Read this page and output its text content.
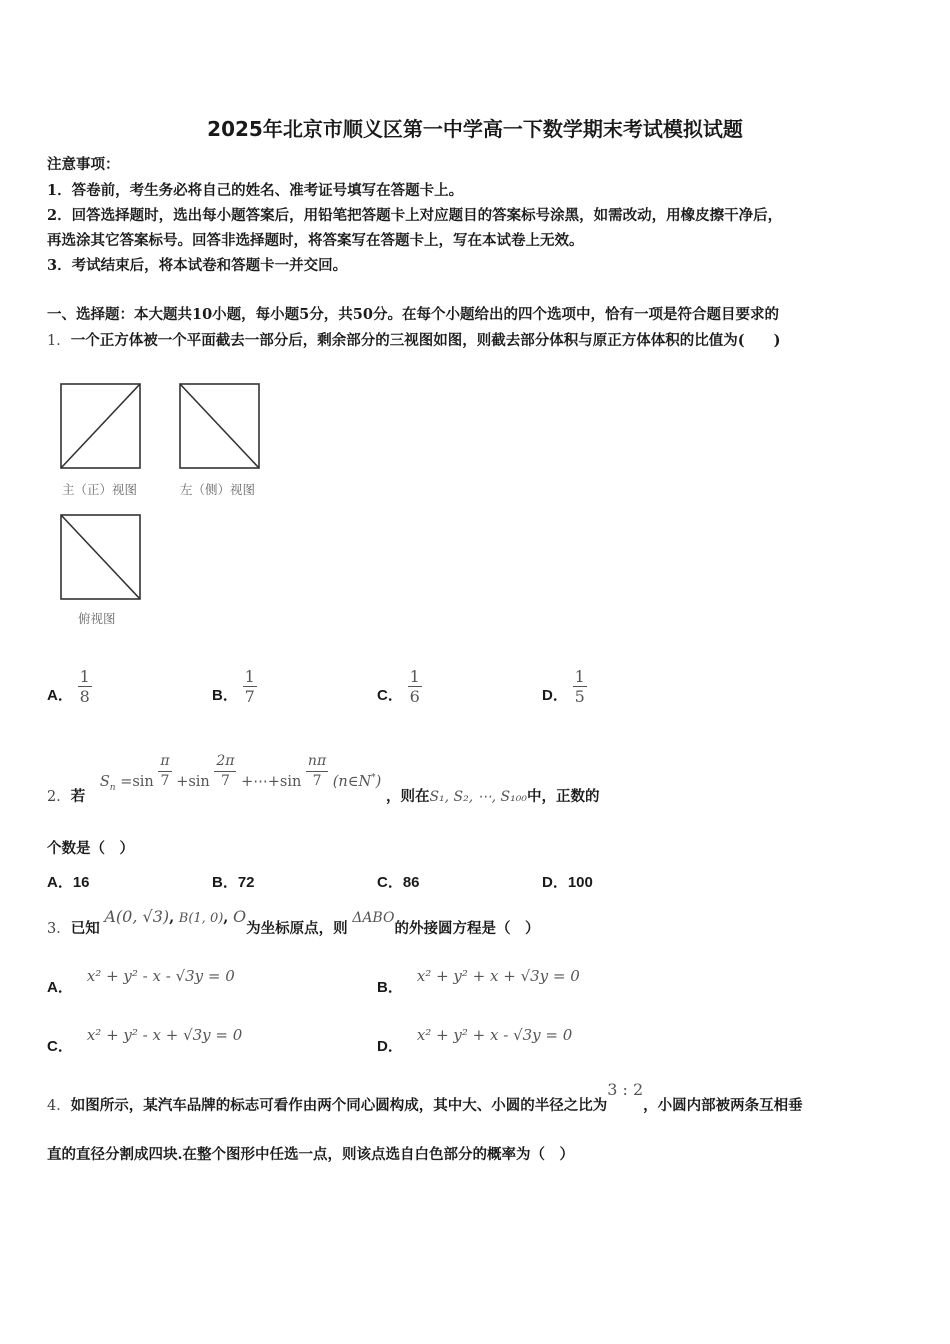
2025年北京市顺义区第一中学高一下数学期末考试模拟试题
注意事项：
1．答卷前，考生务必将自己的姓名、准考证号填写在答题卡上。
2．回答选择题时，选出每小题答案后，用铅笔把答题卡上对应题目的答案标号涂黑，如需改动，用橡皮擦干净后，
再选涂其它答案标号。回答非选择题时，将答案写在答题卡上，写在本试卷上无效。
3．考试结束后，将本试卷和答题卡一并交回。
一、选择题：本大题共10小题，每小题5分，共50分。在每个小题给出的四个选项中，恰有一项是符合题目要求的
1．一个正方体被一个平面截去一部分后，剩余部分的三视图如图，则截去部分体积与原正方体体积的比值为(　　)
主（正）视图	左（侧）视图
俯视图
A． $\frac{1}{8}$	B． $\frac{1}{7}$	C． $\frac{1}{6}$	D． $\frac{1}{5}$
2．若 $S_n =\sin \frac{\pi}{7} +\sin \frac{2\pi}{7}$ +⋯+sin $\frac{n\pi}{7}$ (n∈N*) ，则在S₁, S₂, ⋯, S₁₀₀中，正数的
个数是（　）
A．16	B．72	C．86	D．100
3．已知 A(0, √3), B(1, 0), O为坐标原点，则 ΔABO的外接圆方程是（　）
A．x² + y² - x - √3y = 0
B．x² + y² + x + √3y = 0
C．x² + y² - x + √3y = 0
D．x² + y² + x - √3y = 0
4．如图所示，某汽车品牌的标志可看作由两个同心圆构成，其中大、小圆的半径之比为3 : 2，小圆内部被两条互相垂
直的直径分割成四块.在整个图形中任选一点，则该点选自白色部分的概率为（　）
